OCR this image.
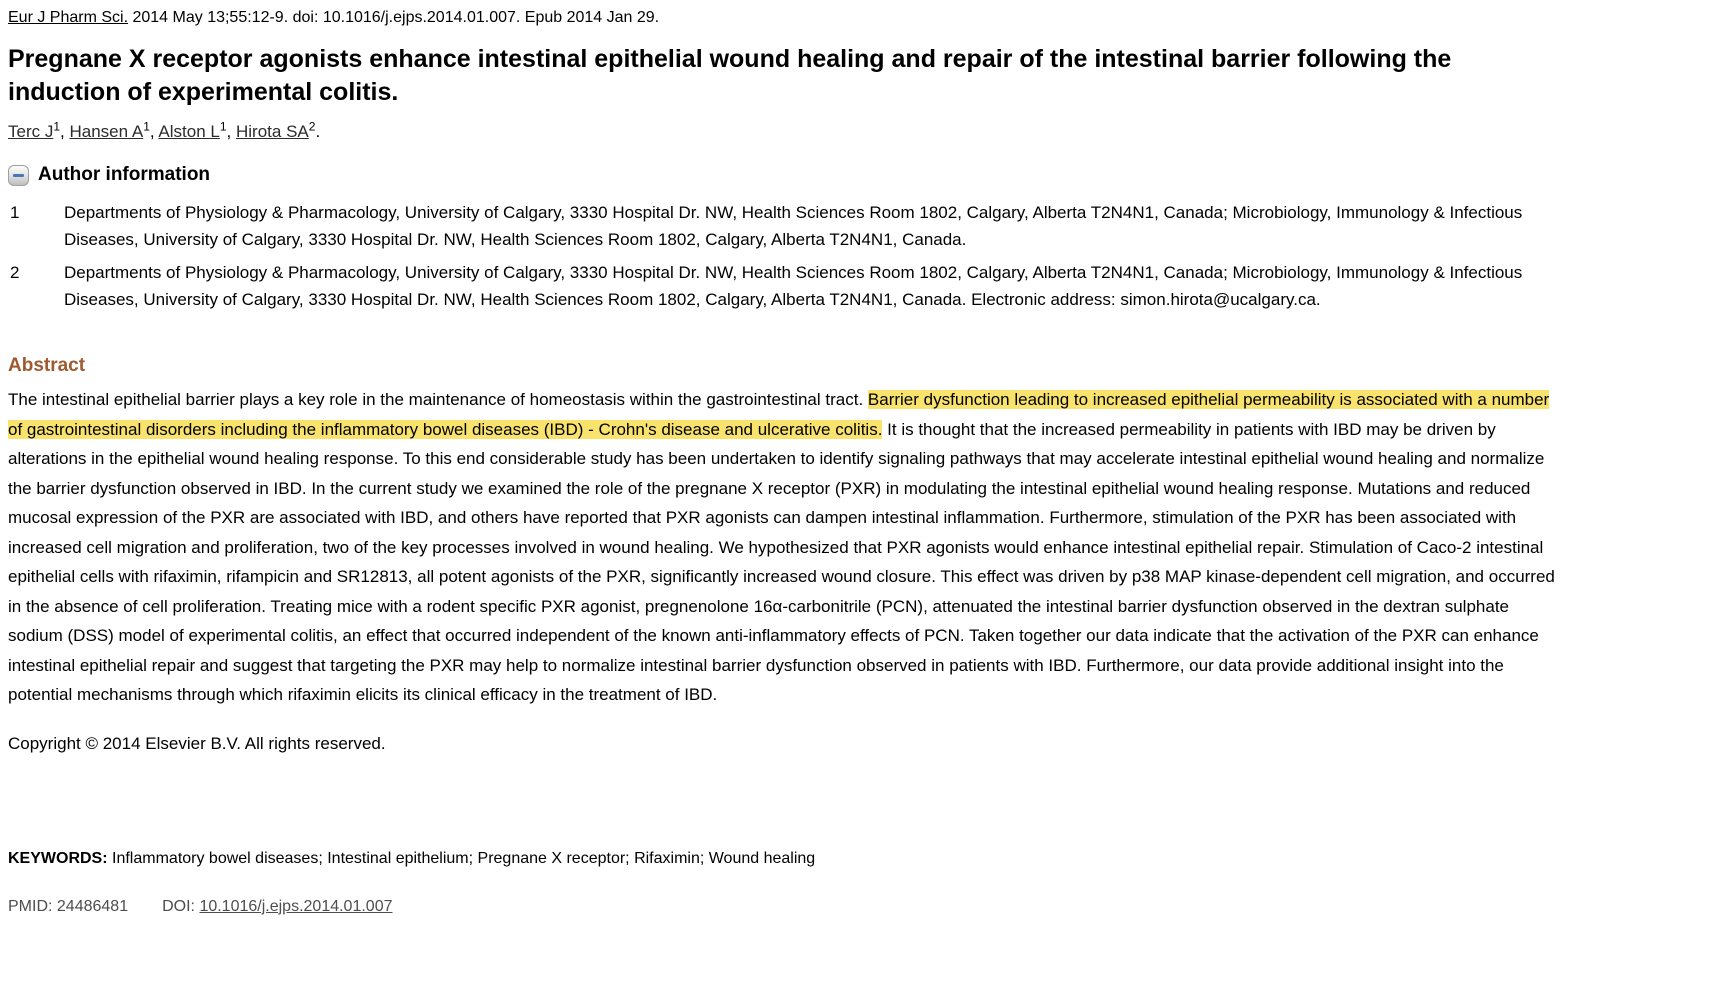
Eur J Pharm Sci. 2014 May 13;55:12-9. doi: 10.1016/j.ejps.2014.01.007. Epub 2014 Jan 29.
Pregnane X receptor agonists enhance intestinal epithelial wound healing and repair of the intestinal barrier following the induction of experimental colitis.
Terc J$^1$, Hansen A$^1$, Alston L$^1$, Hirota SA$^2$.
Author information
1	Departments of Physiology & Pharmacology, University of Calgary, 3330 Hospital Dr. NW, Health Sciences Room 1802, Calgary, Alberta T2N4N1, Canada; Microbiology, Immunology & Infectious Diseases, University of Calgary, 3330 Hospital Dr. NW, Health Sciences Room 1802, Calgary, Alberta T2N4N1, Canada.
2	Departments of Physiology & Pharmacology, University of Calgary, 3330 Hospital Dr. NW, Health Sciences Room 1802, Calgary, Alberta T2N4N1, Canada; Microbiology, Immunology & Infectious Diseases, University of Calgary, 3330 Hospital Dr. NW, Health Sciences Room 1802, Calgary, Alberta T2N4N1, Canada. Electronic address: simon.hirota@ucalgary.ca.
Abstract

The intestinal epithelial barrier plays a key role in the maintenance of homeostasis within the gastrointestinal tract. Barrier dysfunction leading to increased epithelial permeability is associated with a number of gastrointestinal disorders including the inflammatory bowel diseases (IBD) - Crohn's disease and ulcerative colitis. It is thought that the increased permeability in patients with IBD may be driven by alterations in the epithelial wound healing response. To this end considerable study has been undertaken to identify signaling pathways that may accelerate intestinal epithelial wound healing and normalize the barrier dysfunction observed in IBD. In the current study we examined the role of the pregnane X receptor (PXR) in modulating the intestinal epithelial wound healing response. Mutations and reduced mucosal expression of the PXR are associated with IBD, and others have reported that PXR agonists can dampen intestinal inflammation. Furthermore, stimulation of the PXR has been associated with increased cell migration and proliferation, two of the key processes involved in wound healing. We hypothesized that PXR agonists would enhance intestinal epithelial repair. Stimulation of Caco-2 intestinal epithelial cells with rifaximin, rifampicin and SR12813, all potent agonists of the PXR, significantly increased wound closure. This effect was driven by p38 MAP kinase-dependent cell migration, and occurred in the absence of cell proliferation. Treating mice with a rodent specific PXR agonist, pregnenolone 16α-carbonitrile (PCN), attenuated the intestinal barrier dysfunction observed in the dextran sulphate sodium (DSS) model of experimental colitis, an effect that occurred independent of the known anti-inflammatory effects of PCN. Taken together our data indicate that the activation of the PXR can enhance intestinal epithelial repair and suggest that targeting the PXR may help to normalize intestinal barrier dysfunction observed in patients with IBD. Furthermore, our data provide additional insight into the potential mechanisms through which rifaximin elicits its clinical efficacy in the treatment of IBD.

Copyright © 2014 Elsevier B.V. All rights reserved.

KEYWORDS: Inflammatory bowel diseases; Intestinal epithelium; Pregnane X receptor; Rifaximin; Wound healing

PMID: 24486481 DOI: 10.1016/j.ejps.2014.01.007
